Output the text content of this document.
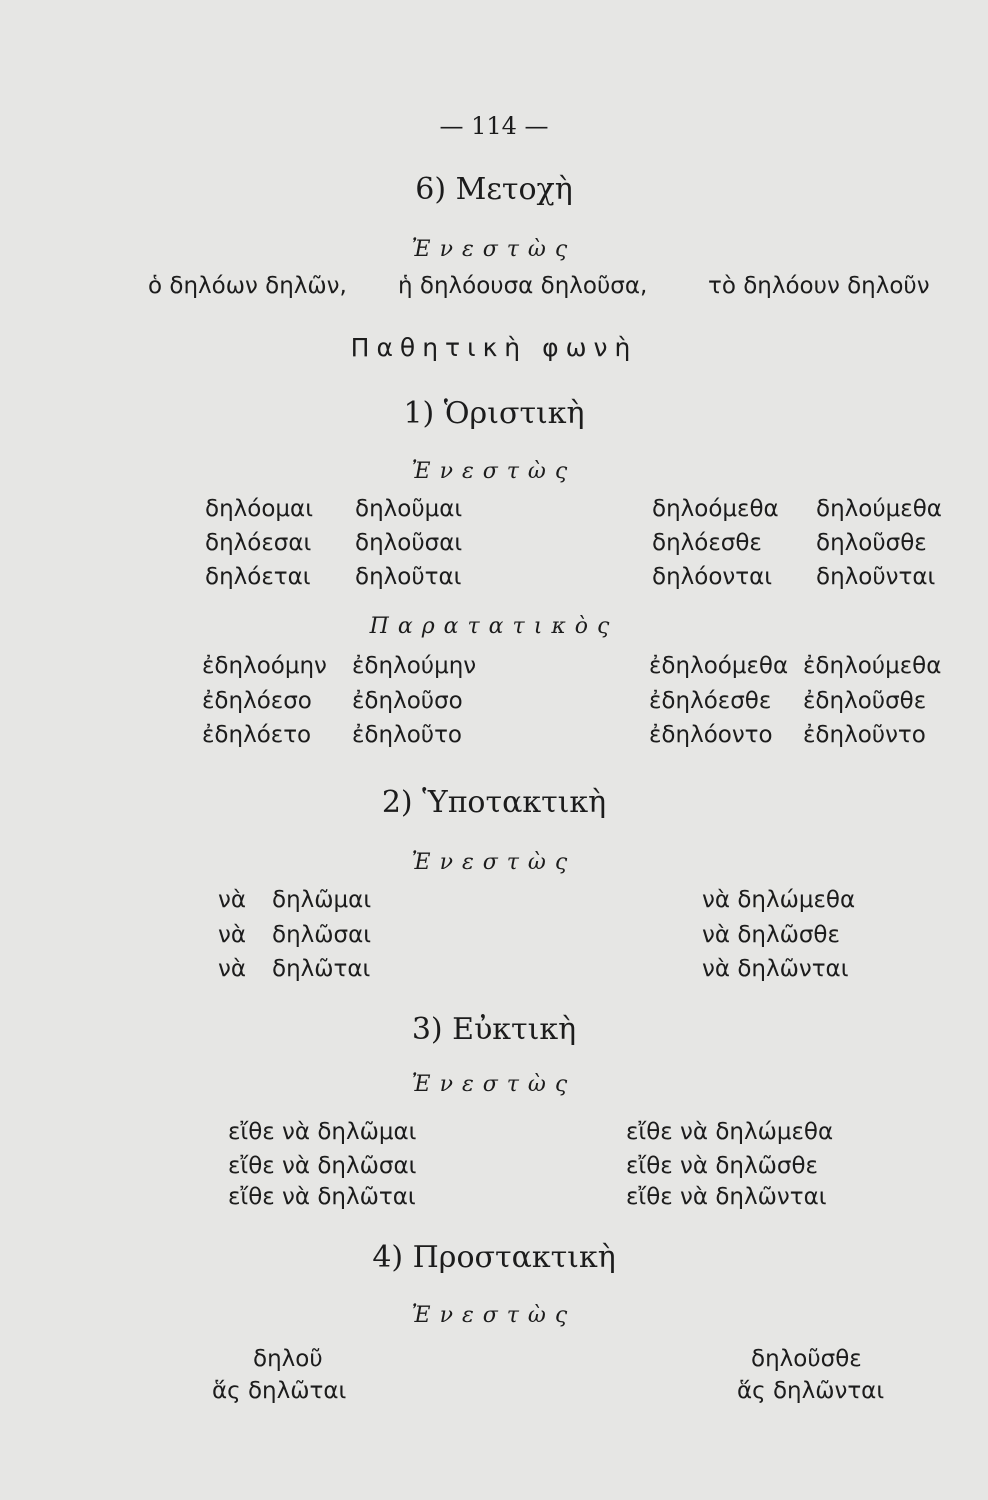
— 114 —
6) Μετοχὴ
Ἐνεστὼς
ὁ δηλόων δηλῶν, ἡ δηλόουσα δηλοῦσα,	τὸ δηλόουν δηλοῦν
Παθητικὴ φωνὴ
1) Ὁριστικὴ
Ἐνεστὼς
δηλόομαι δηλοῦμαι	δηλοόμεθα δηλούμεθα
δηλόεσαι δηλοῦσαι	δηλόεσθε δηλοῦσθε
δηλόεται δηλοῦται	δηλόονται δηλοῦνται
Παρατατικὸς
ἐδηλοόμην ἐδηλούμην	ἐδηλοόμεθα ἐδηλούμεθα
ἐδηλόεσο ἐδηλοῦσο	ἐδηλόεσθε ἐδηλοῦσθε
ἐδηλόετο ἐδηλοῦτο	ἐδηλόοντο ἐδηλοῦντο
2) Ὑποτακτικὴ
Ἐνεστὼς
νὰ δηλῶμαι	νὰ δηλώμεθα
νὰ δηλῶσαι	νὰ δηλῶσθε
νὰ δηλῶται	νὰ δηλῶνται
3) Εὐκτικὴ
Ἐνεστὼς
εἴθε νὰ δηλῶμαι	εἴθε νὰ δηλώμεθα
εἴθε νὰ δηλῶσαι	εἴθε νὰ δηλῶσθε
εἴθε νὰ δηλῶται	εἴθε νὰ δηλῶνται
4) Προστακτικὴ
Ἐνεστὼς
δηλοῦ	δηλοῦσθε
ἅς δηλῶται	ἅς δηλῶνται
